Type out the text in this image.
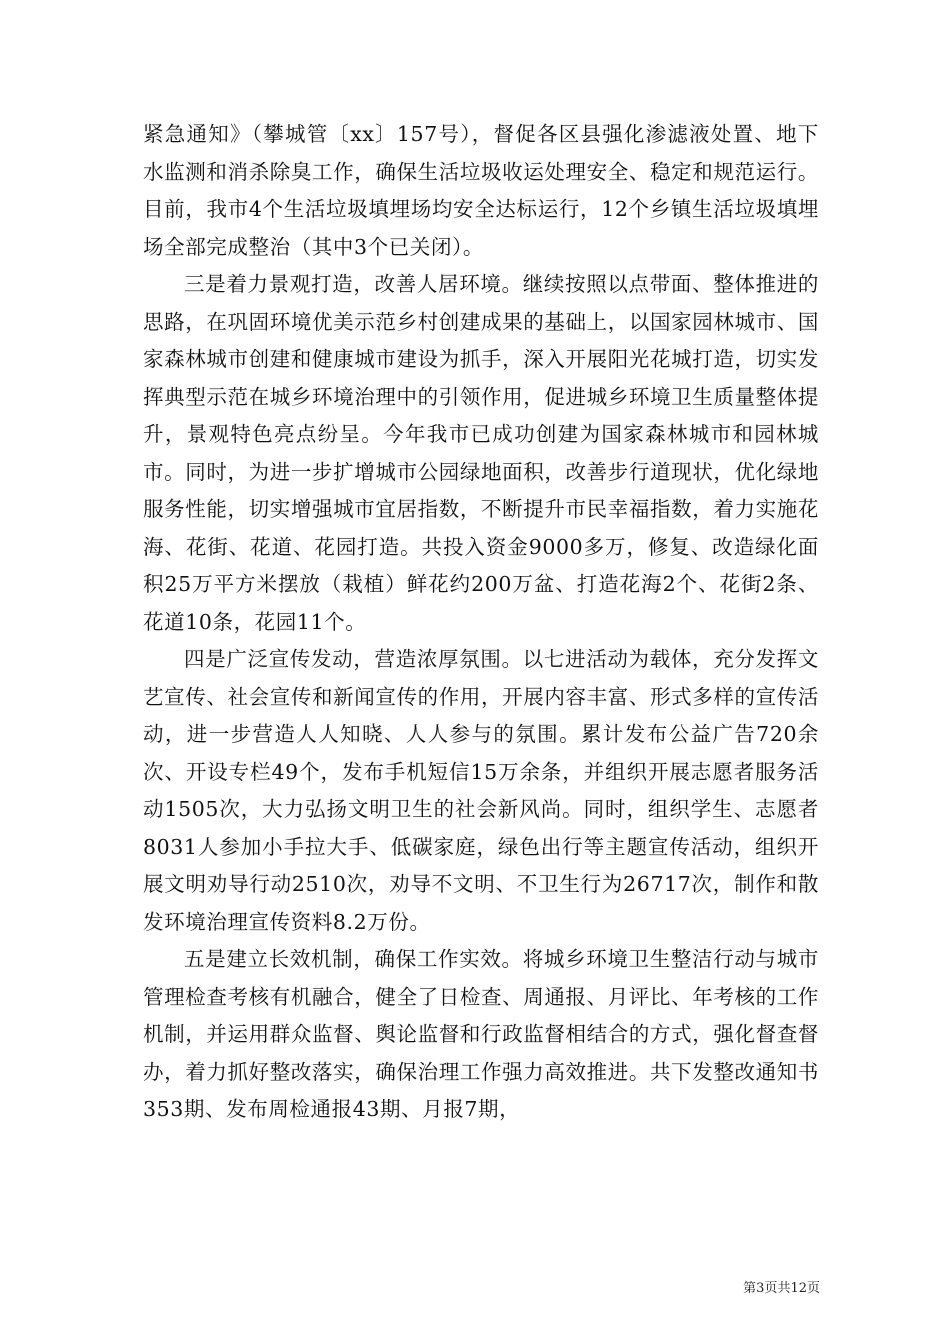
紧急通知》（攀城管〔xx〕157号），督促各区县强化渗滤液处置、地下水监测和消杀除臭工作，确保生活垃圾收运处理安全、稳定和规范运行。目前，我市4个生活垃圾填埋场均安全达标运行，12个乡镇生活垃圾填埋场全部完成整治（其中3个已关闭）。

三是着力景观打造，改善人居环境。继续按照以点带面、整体推进的思路，在巩固环境优美示范乡村创建成果的基础上，以国家园林城市、国家森林城市创建和健康城市建设为抓手，深入开展阳光花城打造，切实发挥典型示范在城乡环境治理中的引领作用，促进城乡环境卫生质量整体提升，景观特色亮点纷呈。今年我市已成功创建为国家森林城市和园林城市。同时，为进一步扩增城市公园绿地面积，改善步行道现状，优化绿地服务性能，切实增强城市宜居指数，不断提升市民幸福指数，着力实施花海、花街、花道、花园打造。共投入资金9000多万，修复、改造绿化面积25万平方米摆放（栽植）鲜花约200万盆、打造花海2个、花街2条、花道10条，花园11个。

四是广泛宣传发动，营造浓厚氛围。以七进活动为载体，充分发挥文艺宣传、社会宣传和新闻宣传的作用，开展内容丰富、形式多样的宣传活动，进一步营造人人知晓、人人参与的氛围。累计发布公益广告720余次、开设专栏49个，发布手机短信15万余条，并组织开展志愿者服务活动1505次，大力弘扬文明卫生的社会新风尚。同时，组织学生、志愿者8031人参加小手拉大手、低碳家庭，绿色出行等主题宣传活动，组织开展文明劝导行动2510次，劝导不文明、不卫生行为26717次，制作和散发环境治理宣传资料8.2万份。

五是建立长效机制，确保工作实效。将城乡环境卫生整洁行动与城市管理检查考核有机融合，健全了日检查、周通报、月评比、年考核的工作机制，并运用群众监督、舆论监督和行政监督相结合的方式，强化督查督办，着力抓好整改落实，确保治理工作强力高效推进。共下发整改通知书353期、发布周检通报43期、月报7期，

第3页共12页
